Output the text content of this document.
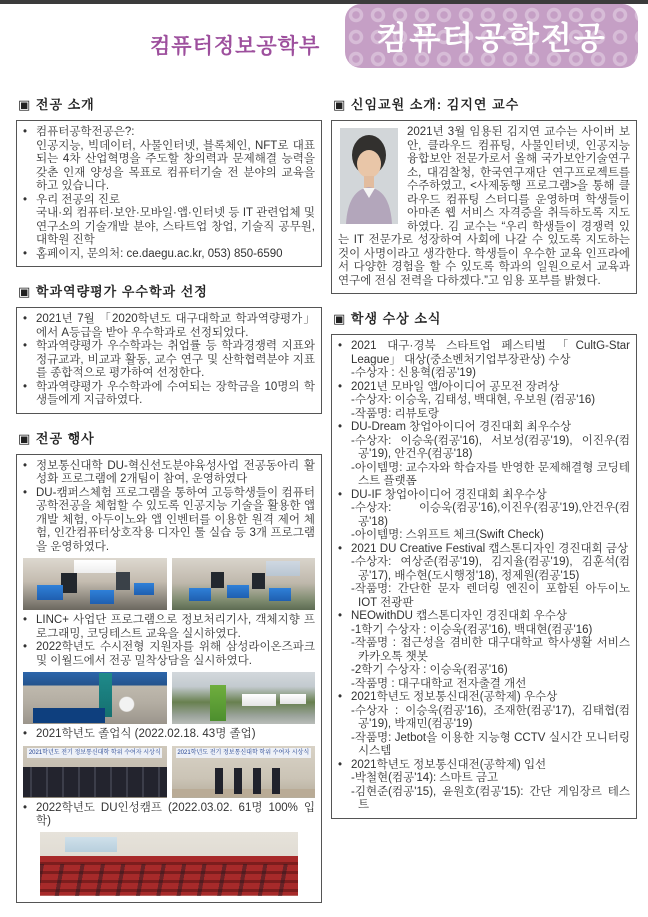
컴퓨터정보공학부	컴퓨터공학전공
▣ 전공 소개
• 컴퓨터공학전공은?:
인공지능, 빅데이터, 사물인터넷, 블록체인, NFT로 대표되는 4차 산업혁명을 주도할 창의력과 문제해결 능력을 갖춘 인재 양성을 목표로 컴퓨터기술 전 분야의 교육을 하고 있습니다.
• 우리 전공의 진로
국내·외 컴퓨터·보안·모바일·앱·인터넷 등 IT 관련업체 및 연구소의 기술개발 분야, 스타트업 창업, 기술직 공무원, 대학원 진학
• 홈페이지, 문의처: ce.daegu.ac.kr, 053) 850-6590
▣ 학과역량평가 우수학과 선정
• 2021년 7월 「2020학년도 대구대학교 학과역량평가」에서 A등급을 받아 우수학과로 선정되었다.
• 학과역량평가 우수학과는 취업률 등 학과경쟁력 지표와 정규교과, 비교과 활동, 교수 연구 및 산학협력분야 지표를 종합적으로 평가하여 선정한다.
• 학과역량평가 우수학과에 수여되는 장학금을 10명의 학생들에게 지급하였다.
▣ 전공 행사
• 정보통신대학 DU-혁신선도분야육성사업 전공동아리 활성화 프로그램에 2개팀이 참여, 운영하였다
• DU-캠퍼스체험 프로그램을 통하여 고등학생들이 컴퓨터공학전공을 체험할 수 있도록 인공지능 기술을 활용한 앱 개발 체험, 아두이노와 앱 인벤터를 이용한 원격 제어 체험, 인간컴퓨터상호작용 디자인 툴 실습 등 3개 프로그램을 운영하였다.
• LINC+ 사업단 프로그램으로 정보처리기사, 객체지향 프로그래밍, 코딩테스트 교육을 실시하였다.
• 2022학년도 수시전형 지원자를 위해 삼성라이온즈파크 및 이월드에서 전공 밀착상담을 실시하였다.
• 2021학년도 졸업식 (2022.02.18. 43명 졸업)
2021학년도 전기 정보통신대학 학위 수여자 시상식	2021학년도 전기 정보통신대학 학위 수여자 시상식
• 2022학년도 DU인성캠프 (2022.03.02. 61명 100% 입학)
▣ 신임교원 소개: 김지연 교수
2021년 3월 임용된 김지연 교수는 사이버 보안, 클라우드 컴퓨팅, 사물인터넷, 인공지능 융합보안 전문가로서 올해 국가보안기술연구소, 대검찰청, 한국연구재단 연구프로젝트를 수주하였고, <사제동행 프로그램>을 통해 클라우드 컴퓨팅 스터디를 운영하며 학생들이 아마존 웹 서비스 자격증을 취득하도록 지도하였다. 김 교수는 “우리 학생들이 경쟁력 있는 IT 전문가로 성장하여 사회에 나갈 수 있도록 지도하는 것이 사명이라고 생각한다. 학생들이 우수한 교육 인프라에서 다양한 경험을 할 수 있도록 학과의 일원으로서 교육과 연구에 전심 전력을 다하겠다.”고 임용 포부를 밝혔다.
▣ 학생 수상 소식
• 2021 대구·경북 스타트업 페스티벌 「CultG-Star League」 대상(중소벤처기업부장관상) 수상
-수상자 : 신용혁(컴공'19)
• 2021년 모바일 앱/아이디어 공모전 장려상
-수상자: 이승욱, 김태성, 백대현, 우보원 (컴공'16)
-작품명: 리뷰토랑
• DU-Dream 창업아이디어 경진대회 최우수상
-수상자: 이승욱(컴공'16), 서보성(컴공'19), 이진우(컴공'19), 안건우(컴공'18)
-아이템명: 교수자와 학습자를 반영한 문제해결형 코딩테스트 플랫폼
• DU-IF 창업아이디어 경진대회 최우수상
-수상자: 이승욱(컴공'16),이진우(컴공'19),안건우(컴공'18)
-아이템명: 스위프트 체크(Swift Check)
• 2021 DU Creative Festival 캡스톤디자인 경진대회 금상
-수상자: 여상준(컴공'19), 김지율(컴공'19), 김훈석(컴공'17), 배수현(도시행정'18), 정제원(컴공'15)
-작품명: 간단한 문자 렌더링 엔진이 포함된 아두이노 IOT 전광판
• NEOwithDU 캡스톤디자인 경진대회 우수상
-1학기 수상자 : 이승욱(컴공'16), 백대현(컴공'16)
-작품명 : 접근성을 겸비한 대구대학교 학사생활 서비스 카카오톡 챗봇
-2학기 수상자 : 이승욱(컴공'16)
-작품명 : 대구대학교 전자출결 개선
• 2021학년도 정보통신대전(공학제) 우수상
-수상자 : 이승욱(컴공'16), 조재한(컴공'17), 김태협(컴공'19), 박재민(컴공'19)
-작품명: Jetbot을 이용한 지능형 CCTV 실시간 모니터링 시스템
• 2021학년도 정보통신대전(공학제) 입선
-박철현(컴공'14): 스마트 금고
-김현준(컴공'15), 윤원호(컴공'15): 간단 게임장르 테스트
